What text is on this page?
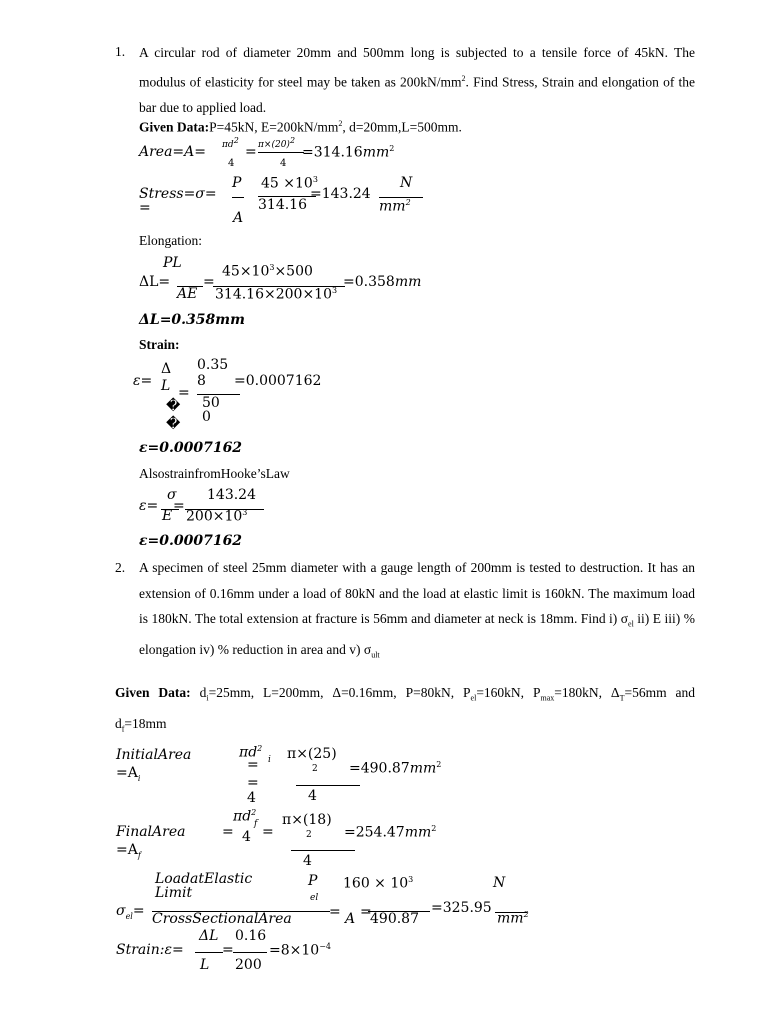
1. A circular rod of diameter 20mm and 500mm long is subjected to a tensile force of 45kN. The modulus of elasticity for steel may be taken as $200kN/mm^2$. Find Stress, Strain and elongation of the bar due to applied load.
Given Data:P=45kN, $E=200kN/mm^2$, d=20mm,L=500mm.
Area=A= $\pi d^2$
4
= $\pi\times(20)^2$
4
$=314.16mm^2$
Stress=σ=
=
P
A
$45 \times 10^3$
314.16
=143.24
N
$mm^2$
Elongation:
ΔL=
PL
AE
=
$45\times 10^3\times 500$
$314.16\times 200\times 10^3$
=0.358mm
ΔL=0.358mm
Strain:
ε=
Δ
L =
�
�
0.35
8
50
0
=0.0007162
ε=0.0007162
AlsostrainfromHooke’sLaw
ε=
σ
E
=
143.24
$200\times 10^3$
ε=0.0007162
2. A specimen of steel 25mm diameter with a gauge length of 200mm is tested to destruction. It has an extension of 0.16mm under a load of 80kN and the load at elastic limit is 160kN. The maximum load is 180kN. The total extension at fracture is 56mm and diameter at neck is 18mm. Find i) $\sigma_{el}$ ii) E iii) % elongation iv) % reduction in area and v) $\sigma_{ult}$
Given Data: $d_i=25mm$, L=200mm, Δ=0.16mm, P=80kN, $P_{el}=160kN$, $P_{max}=180kN$, $\Delta_T=56mm$ and $d_f=18mm$
InitialArea
$=A_i$
$\pi d^2$
i
=
=
4
π×(25)
2
4
$=490.87mm^2$
FinalArea
$=A_f$
=
$\pi d^2$
f
4 =
π×(18)
2
4
$=254.47mm^2$
$\sigma_{el}=$
LoadatElastic
Limit
CrossSectionalArea	=
P
el
A =
$160 \times 10^3$
490.87
=325.95
N
$mm^2$
Strain:ε=
ΔL
L
=
0.16
200
$=8\times 10^{-4}$
